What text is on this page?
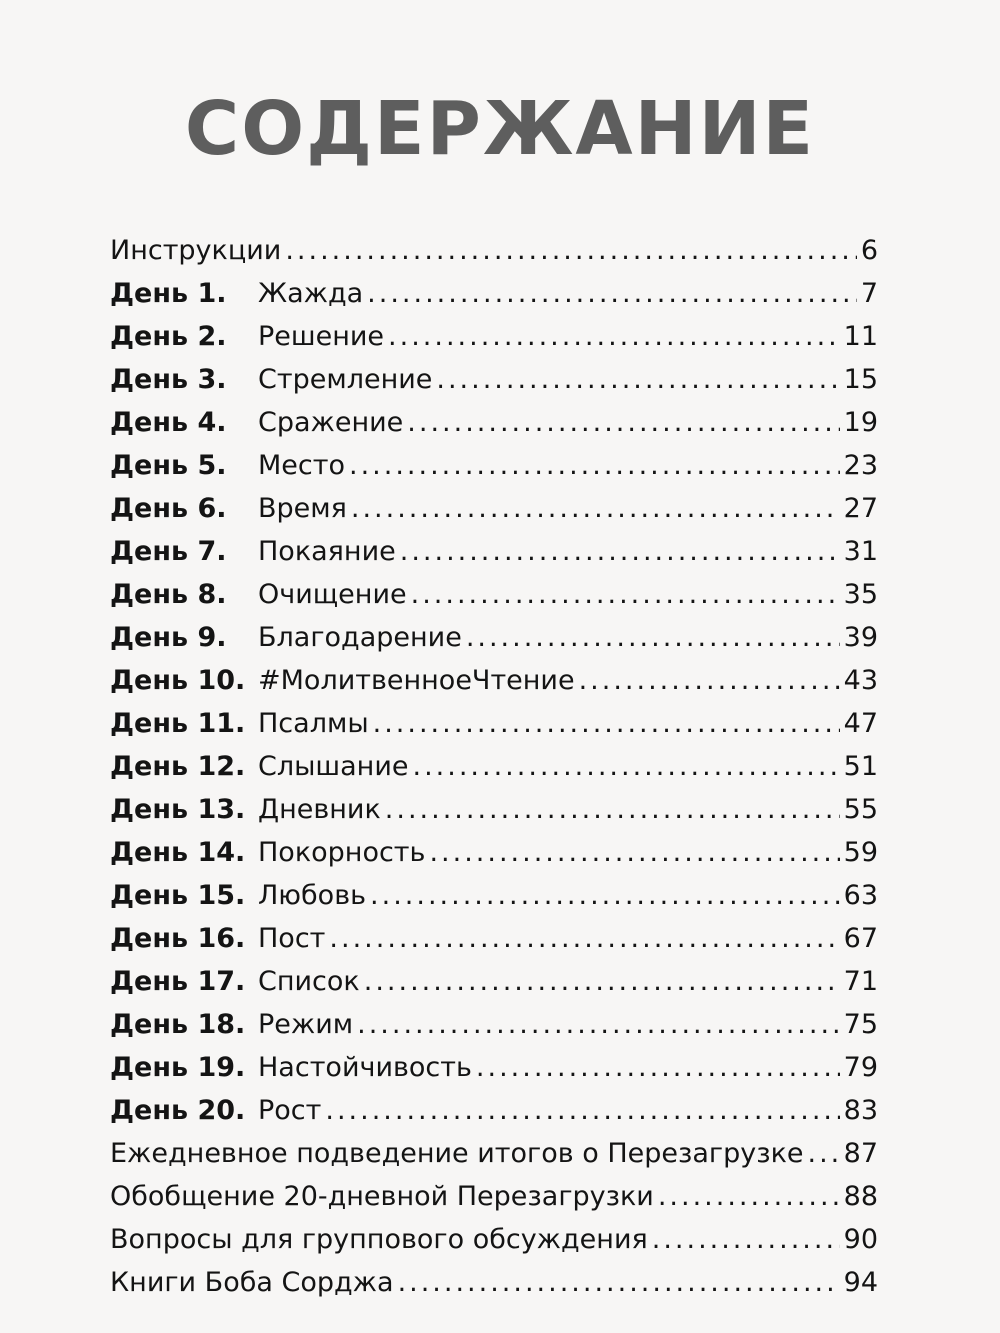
СОДЕРЖАНИЕ
Инструкции .....	6
День 1.	Жажда .....	7
День 2.	Решение .....	11
День 3.	Стремление .....	15
День 4.	Сражение .....	19
День 5.	Место .....	23
День 6.	Время .....	27
День 7.	Покаяние .....	31
День 8.	Очищение .....	35
День 9.	Благодарение .....	39
День 10. #МолитвенноеЧтение .....	43
День 11. Псалмы .....	47
День 12. Слышание .....	51
День 13. Дневник .....	55
День 14. Покорность .....	59
День 15. Любовь .....	63
День 16. Пост .....	67
День 17. Список .....	71
День 18. Режим .....	75
День 19. Настойчивость .....	79
День 20. Рост .....	83
Ежедневное подведение итогов о Перезагрузке ..... 87
Обобщение 20-дневной Перезагрузки .....	88
Вопросы для группового обсуждения .....	90
Книги Боба Сорджа .....	94
